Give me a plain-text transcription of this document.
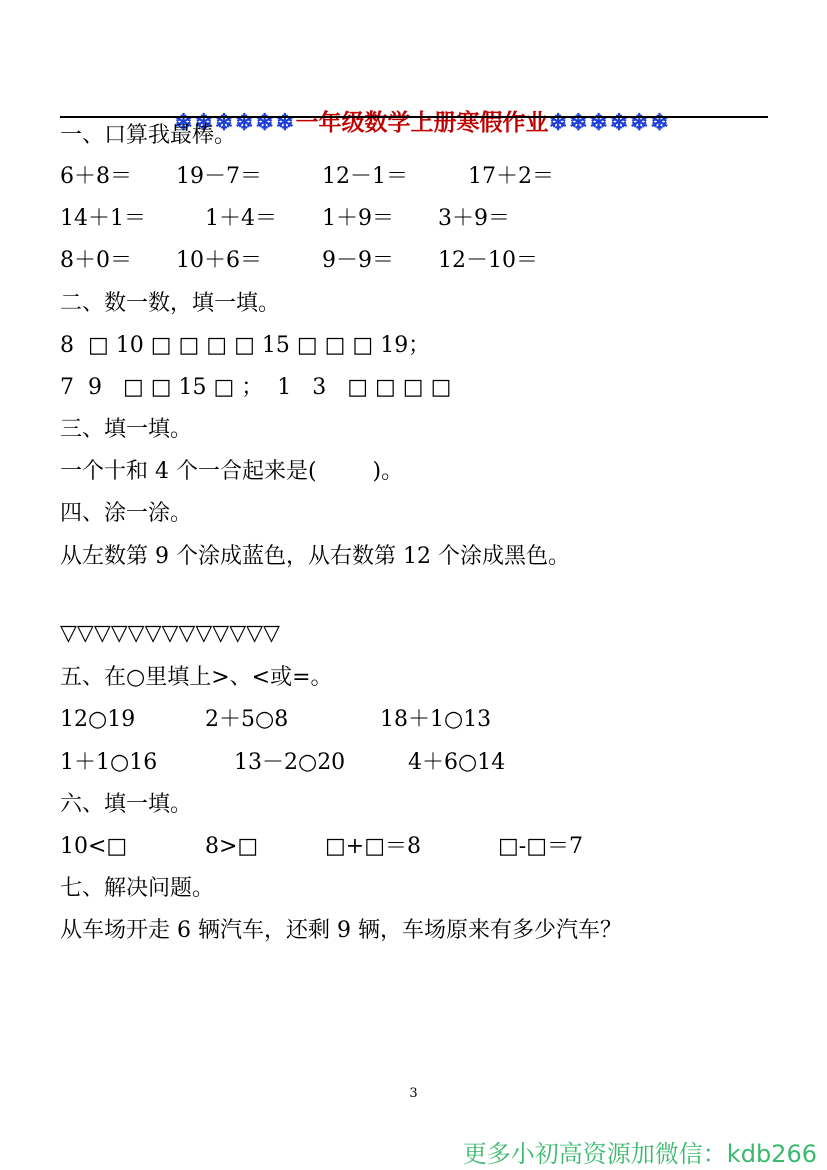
❄❄❄❄❄❄一年级数学上册寒假作业❄❄❄❄❄❄

一、口算我最棒。
6＋8＝ 19－7＝	12－1＝	17＋2＝
14＋1＝	1＋4＝ 1＋9＝ 3＋9＝
8＋0＝ 10＋6＝	9－9＝ 12－10＝
二、数一数，填一填。
8  □ 10 □ □ □ □ 15 □ □ □ 19；
7  9   □ □ 15 □ ；  1   3   □ □ □ □
三、填一填。
一个十和 4 个一合起来是(        )。
四、涂一涂。
从左数第 9 个涂成蓝色，从右数第 12 个涂成黑色。
▽▽▽▽▽▽▽▽▽▽▽▽▽
五、在○里填上>、<或=。
12○19	2＋5○8	18＋1○13
1＋1○16	13－2○20	4＋6○14
六、填一填。
10<□	8>□	□+□＝8	□-□＝7
七、解决问题。
从车场开走 6 辆汽车，还剩 9 辆，车场原来有多少汽车？
3
更多小初高资源加微信：kdb266
